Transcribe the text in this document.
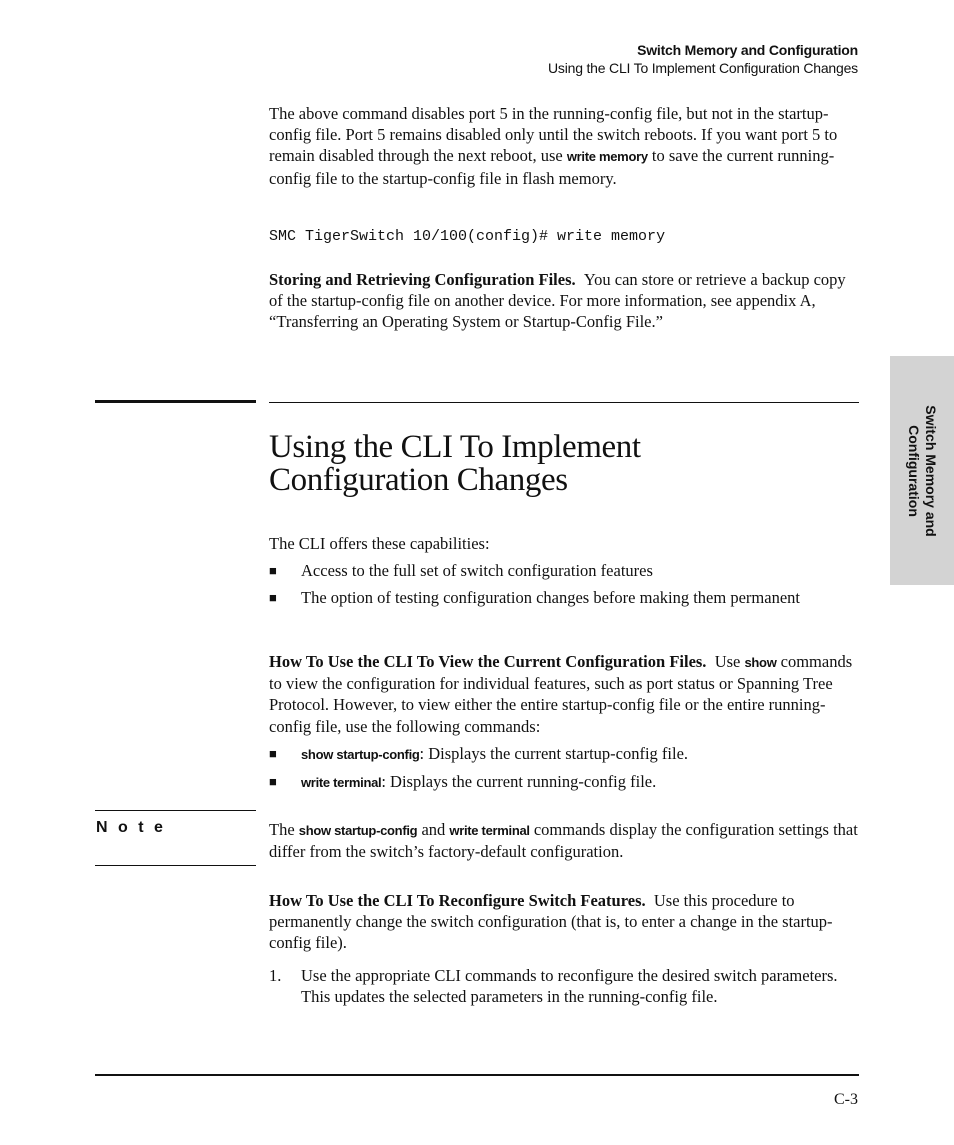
Switch Memory and Configuration
Using the CLI To Implement Configuration Changes

The above command disables port 5 in the running-config file, but not in the startup-config file. Port 5 remains disabled only until the switch reboots. If you want port 5 to remain disabled through the next reboot, use write memory to save the current running-config file to the startup-config file in flash memory.

SMC TigerSwitch 10/100(config)# write memory

Storing and Retrieving Configuration Files. You can store or retrieve a backup copy of the startup-config file on another device. For more information, see appendix A, “Transferring an Operating System or Startup-Config File.”

Switch Memory and
Configuration
Using the CLI To Implement
Configuration Changes

The CLI offers these capabilities:

■ Access to the full set of switch configuration features
■ The option of testing configuration changes before making them permanent

How To Use the CLI To View the Current Configuration Files. Use show commands to view the configuration for individual features, such as port status or Spanning Tree Protocol. However, to view either the entire startup-config file or the entire running-config file, use the following commands:

■ show startup-config: Displays the current startup-config file.
■ write terminal: Displays the current running-config file.
N o t e	The show startup-config and write terminal commands display the configuration settings that differ from the switch’s factory-default configuration.

How To Use the CLI To Reconfigure Switch Features. Use this procedure to permanently change the switch configuration (that is, to enter a change in the startup-config file).

1. Use the appropriate CLI commands to reconfigure the desired switch parameters. This updates the selected parameters in the running-config file.
C-3
